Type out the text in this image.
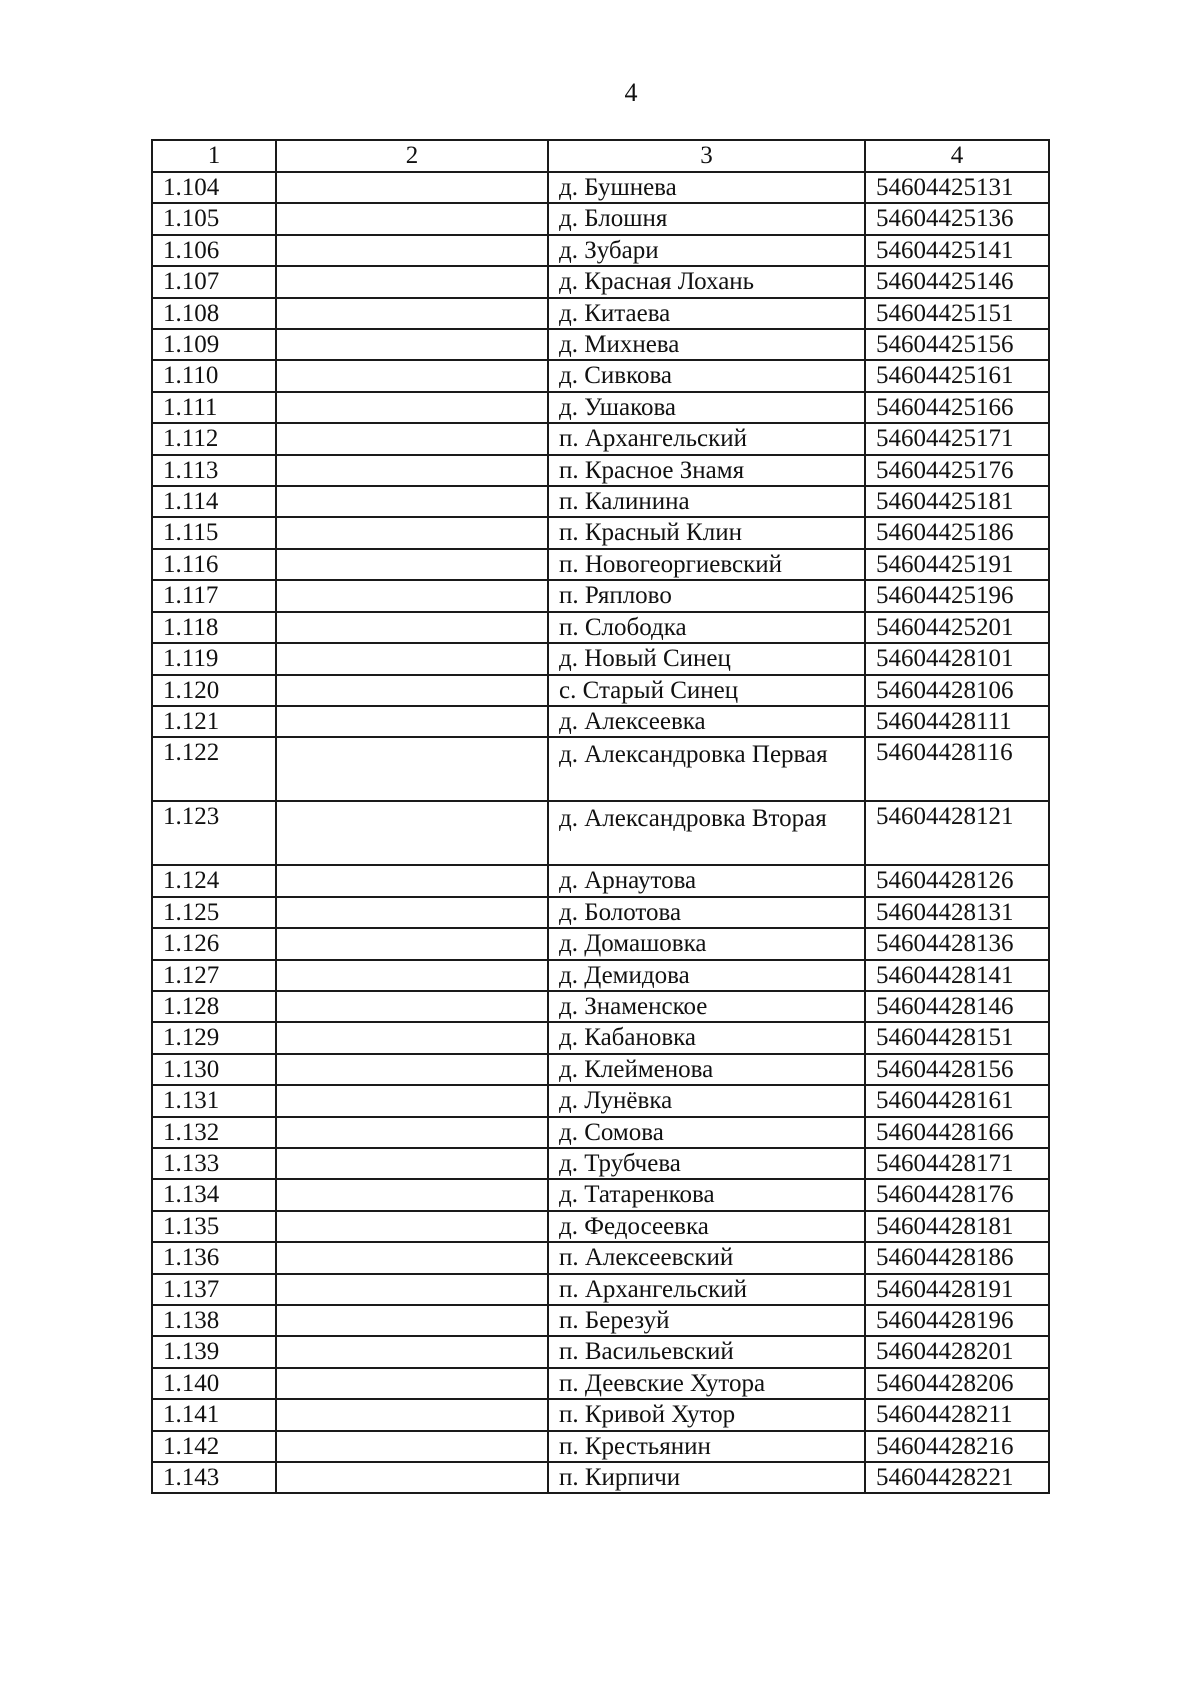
4
1	2	3	4
1.104		д. Бушнева	54604425131
1.105		д. Блошня	54604425136
1.106		д. Зубари	54604425141
1.107		д. Красная Лохань	54604425146
1.108		д. Китаева	54604425151
1.109		д. Михнева	54604425156
1.110		д. Сивкова	54604425161
1.111		д. Ушакова	54604425166
1.112		п. Архангельский	54604425171
1.113		п. Красное Знамя	54604425176
1.114		п. Калинина	54604425181
1.115		п. Красный Клин	54604425186
1.116		п. Новогеоргиевский	54604425191
1.117		п. Ряплово	54604425196
1.118		п. Слободка	54604425201
1.119		д. Новый Синец	54604428101
1.120		с. Старый Синец	54604428106
1.121		д. Алексеевка	54604428111
1.122		д. Александровка Первая	54604428116
1.123		д. Александровка Вторая	54604428121
1.124		д. Арнаутова	54604428126
1.125		д. Болотова	54604428131
1.126		д. Домашовка	54604428136
1.127		д. Демидова	54604428141
1.128		д. Знаменское	54604428146
1.129		д. Кабановка	54604428151
1.130		д. Клейменова	54604428156
1.131		д. Лунёвка	54604428161
1.132		д. Сомова	54604428166
1.133		д. Трубчева	54604428171
1.134		д. Татаренкова	54604428176
1.135		д. Федосеевка	54604428181
1.136		п. Алексеевский	54604428186
1.137		п. Архангельский	54604428191
1.138		п. Березуй	54604428196
1.139		п. Васильевский	54604428201
1.140		п. Деевские Хутора	54604428206
1.141		п. Кривой Хутор	54604428211
1.142		п. Крестьянин	54604428216
1.143		п. Кирпичи	54604428221
